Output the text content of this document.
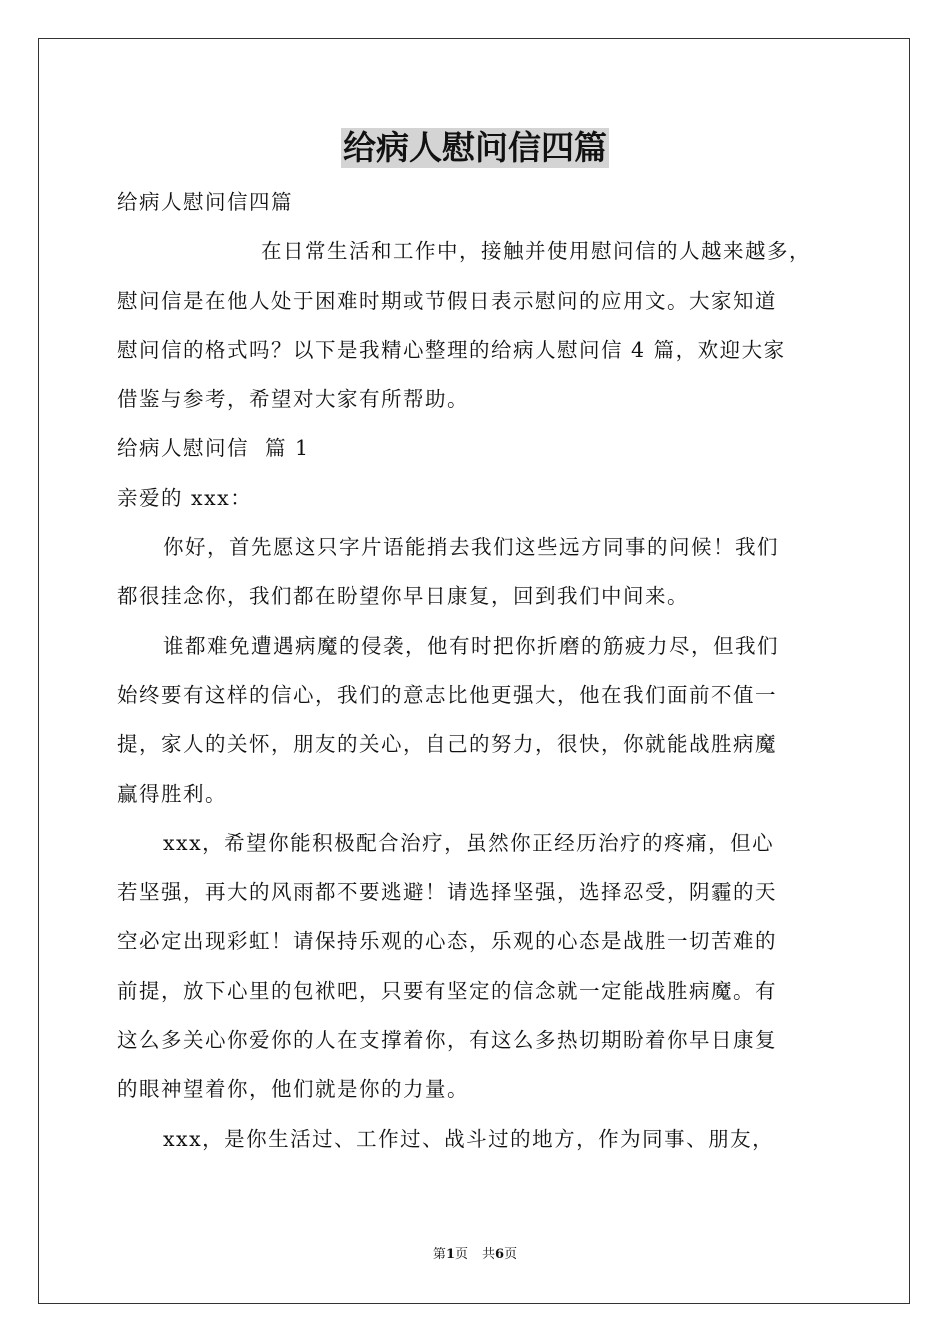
给病人慰问信四篇
给病人慰问信四篇
在日常生活和工作中，接触并使用慰问信的人越来越多，
慰问信是在他人处于困难时期或节假日表示慰问的应用文。大家知道
慰问信的格式吗？以下是我精心整理的给病人慰问信 4 篇，欢迎大家
借鉴与参考，希望对大家有所帮助。
给病人慰问信  篇 1
亲爱的 xxx：
你好，首先愿这只字片语能捎去我们这些远方同事的问候！我们
都很挂念你，我们都在盼望你早日康复，回到我们中间来。
谁都难免遭遇病魔的侵袭，他有时把你折磨的筋疲力尽，但我们
始终要有这样的信心，我们的意志比他更强大，他在我们面前不值一
提，家人的关怀，朋友的关心，自己的努力，很快，你就能战胜病魔
赢得胜利。
xxx，希望你能积极配合治疗，虽然你正经历治疗的疼痛，但心
若坚强，再大的风雨都不要逃避！请选择坚强，选择忍受，阴霾的天
空必定出现彩虹！请保持乐观的心态，乐观的心态是战胜一切苦难的
前提，放下心里的包袱吧，只要有坚定的信念就一定能战胜病魔。有
这么多关心你爱你的人在支撑着你，有这么多热切期盼着你早日康复
的眼神望着你，他们就是你的力量。
xxx，是你生活过、工作过、战斗过的地方，作为同事、朋友，
第1页 共6页
